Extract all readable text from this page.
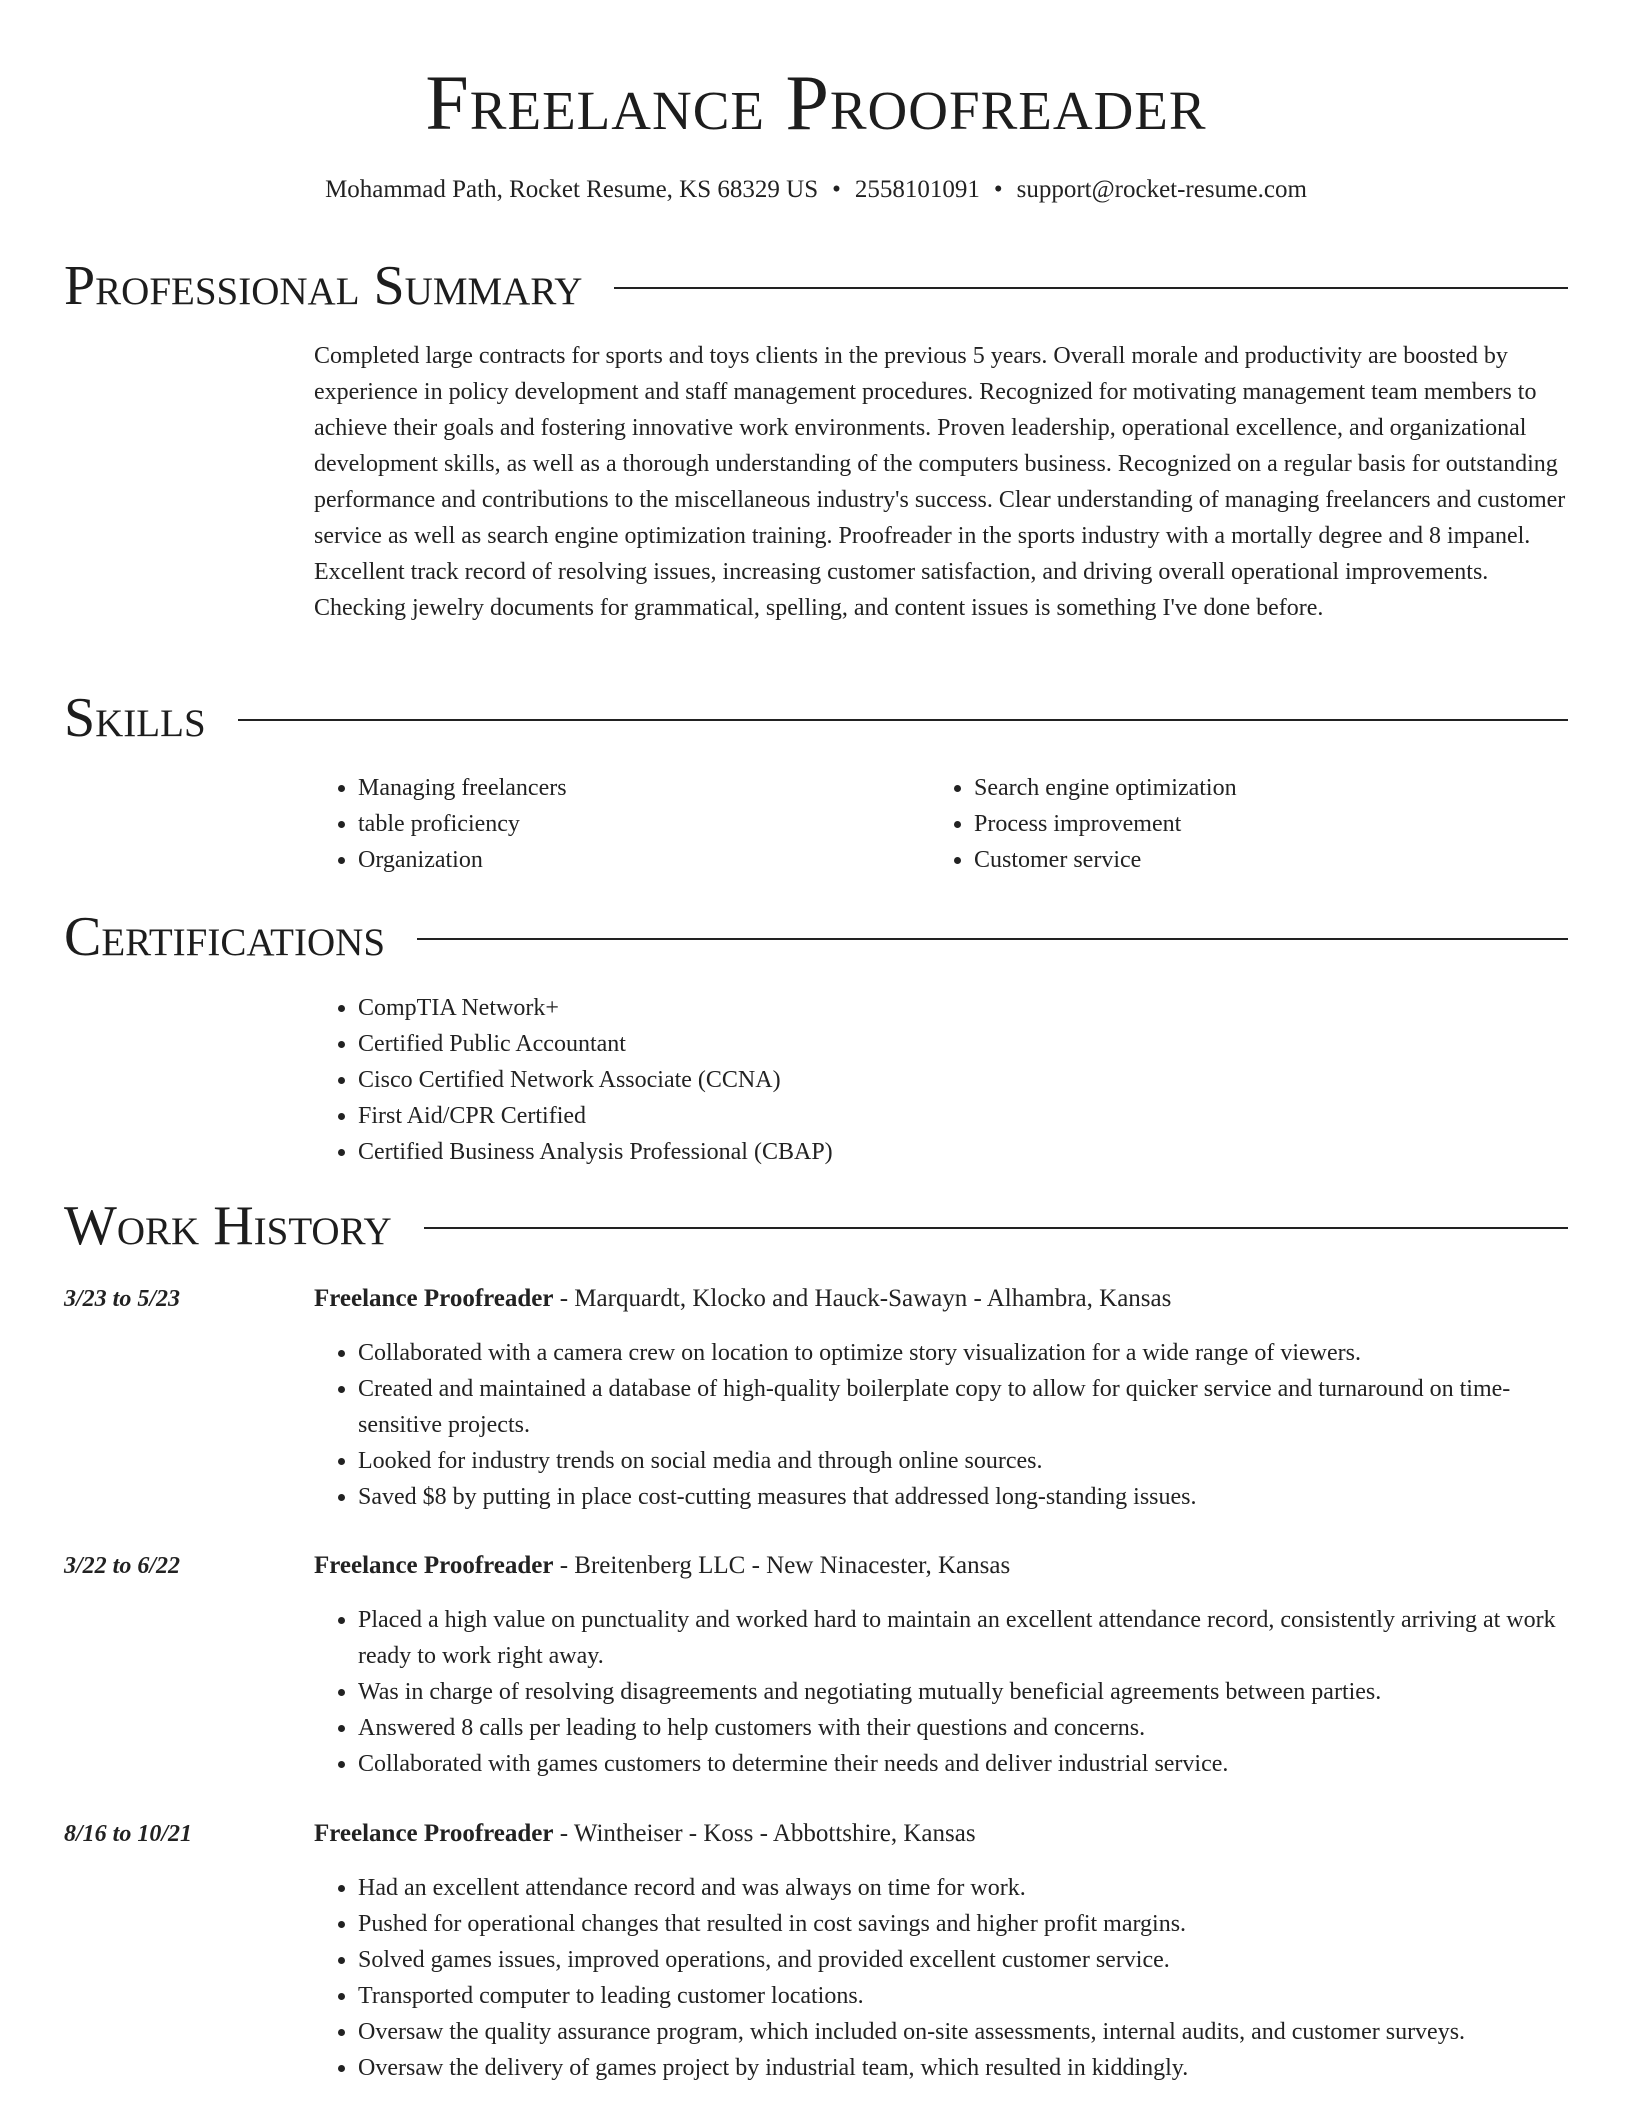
Freelance Proofreader
Mohammad Path, Rocket Resume, KS 68329 US • 2558101091 • support@rocket-resume.com
Professional Summary

Completed large contracts for sports and toys clients in the previous 5 years. Overall morale and productivity are boosted by experience in policy development and staff management procedures. Recognized for motivating management team members to achieve their goals and fostering innovative work environments. Proven leadership, operational excellence, and organizational development skills, as well as a thorough understanding of the computers business. Recognized on a regular basis for outstanding performance and contributions to the miscellaneous industry's success. Clear understanding of managing freelancers and customer service as well as search engine optimization training. Proofreader in the sports industry with a mortally degree and 8 impanel. Excellent track record of resolving issues, increasing customer satisfaction, and driving overall operational improvements. Checking jewelry documents for grammatical, spelling, and content issues is something I've done before.

Skills
• Managing freelancers
• table proficiency
• Organization
• Search engine optimization
• Process improvement
• Customer service
Certifications
• CompTIA Network+
• Certified Public Accountant
• Cisco Certified Network Associate (CCNA)
• First Aid/CPR Certified
• Certified Business Analysis Professional (CBAP)
Work History
3/23 to 5/23	Freelance Proofreader - Marquardt, Klocko and Hauck-Sawayn - Alhambra, Kansas
• Collaborated with a camera crew on location to optimize story visualization for a wide range of viewers.
• Created and maintained a database of high-quality boilerplate copy to allow for quicker service and turnaround on time-sensitive projects.
• Looked for industry trends on social media and through online sources.
• Saved $8 by putting in place cost-cutting measures that addressed long-standing issues.
3/22 to 6/22	Freelance Proofreader - Breitenberg LLC - New Ninacester, Kansas
• Placed a high value on punctuality and worked hard to maintain an excellent attendance record, consistently arriving at work ready to work right away.
• Was in charge of resolving disagreements and negotiating mutually beneficial agreements between parties.
• Answered 8 calls per leading to help customers with their questions and concerns.
• Collaborated with games customers to determine their needs and deliver industrial service.
8/16 to 10/21	Freelance Proofreader - Wintheiser - Koss - Abbottshire, Kansas
• Had an excellent attendance record and was always on time for work.
• Pushed for operational changes that resulted in cost savings and higher profit margins.
• Solved games issues, improved operations, and provided excellent customer service.
• Transported computer to leading customer locations.
• Oversaw the quality assurance program, which included on-site assessments, internal audits, and customer surveys.
• Oversaw the delivery of games project by industrial team, which resulted in kiddingly.
